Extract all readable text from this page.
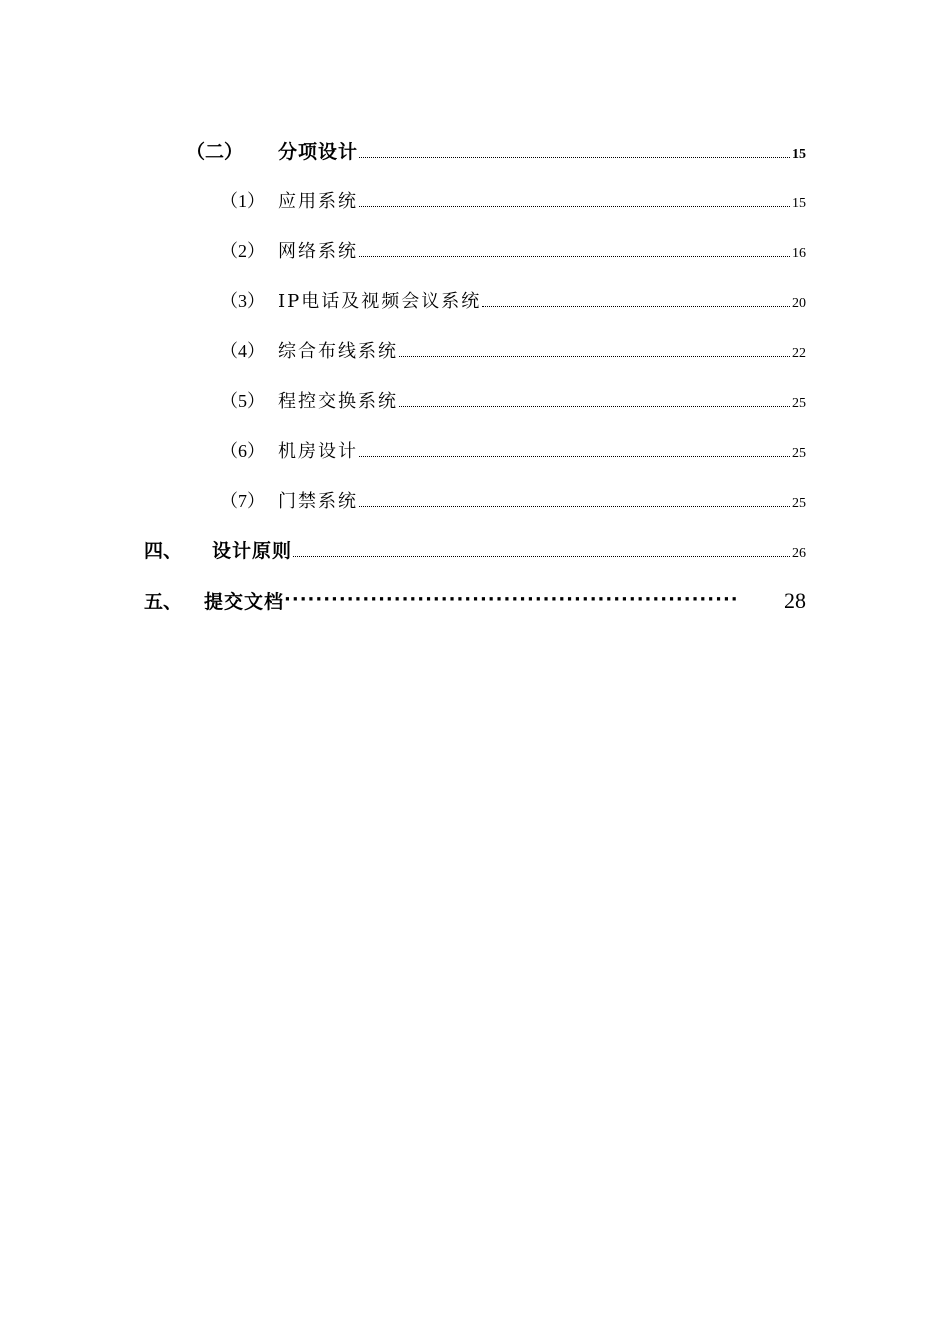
（二）	分项设计	15
（1） 应用系统	15
（2） 网络系统	16
（3） IP电话及视频会议系统	20
（4） 综合布线系统	22
（5） 程控交换系统	25
（6） 机房设计	25
（7） 门禁系统	25
四、	设计原则	26
五、	提交文档 ··························································	28
